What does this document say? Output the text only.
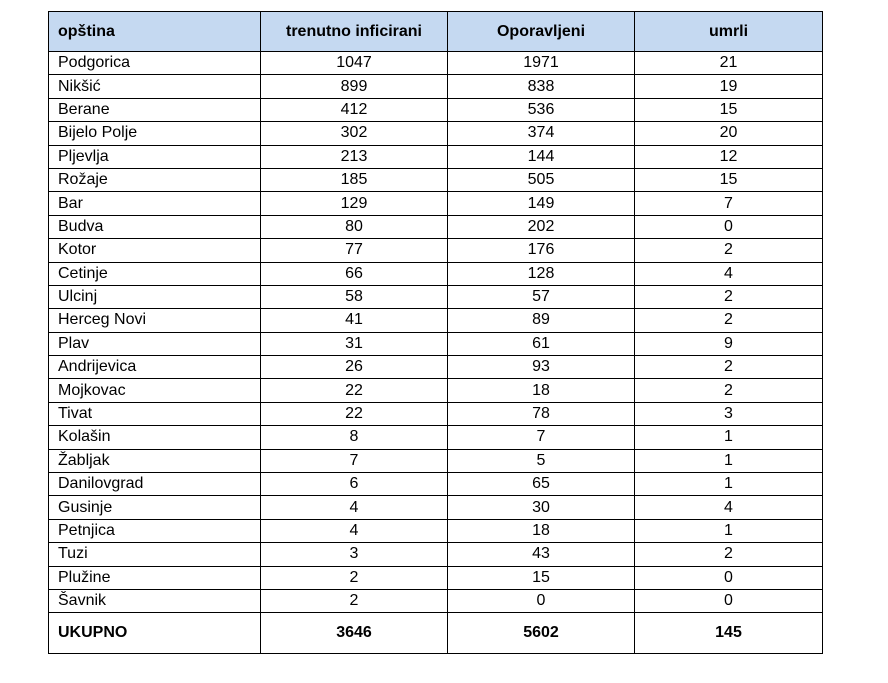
opština	trenutno inficirani	Oporavljeni	umrli
Podgorica	1047	1971	21
Nikšić	899	838	19
Berane	412	536	15
Bijelo Polje	302	374	20
Pljevlja	213	144	12
Rožaje	185	505	15
Bar	129	149	7
Budva	80	202	0
Kotor	77	176	2
Cetinje	66	128	4
Ulcinj	58	57	2
Herceg Novi	41	89	2
Plav	31	61	9
Andrijevica	26	93	2
Mojkovac	22	18	2
Tivat	22	78	3
Kolašin	8	7	1
Žabljak	7	5	1
Danilovgrad	6	65	1
Gusinje	4	30	4
Petnjica	4	18	1
Tuzi	3	43	2
Plužine	2	15	0
Šavnik	2	0	0
UKUPNO	3646	5602	145
